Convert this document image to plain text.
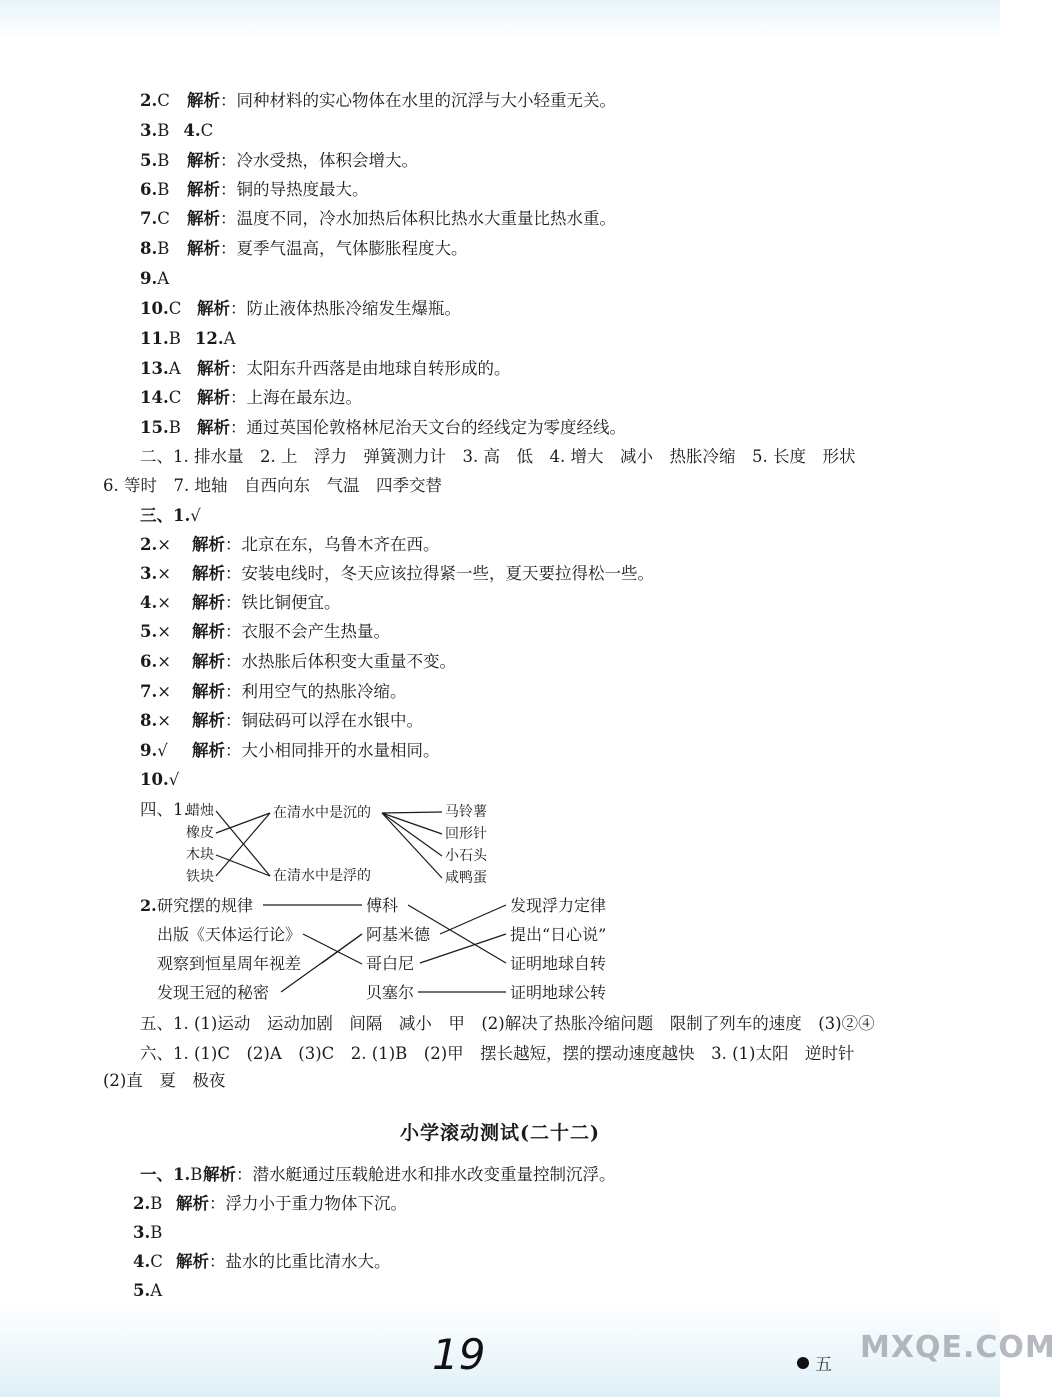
2.C 解析：同种材料的实心物体在水里的沉浮与大小轻重无关。
3.B 4.C
5.B 解析：冷水受热，体积会增大。
6.B 解析：铜的导热度最大。
7.C 解析：温度不同，冷水加热后体积比热水大重量比热水重。
8.B 解析：夏季气温高，气体膨胀程度大。
9.A
10.C 解析：防止液体热胀冷缩发生爆瓶。
11.B 12.A
13.A 解析：太阳东升西落是由地球自转形成的。
14.C 解析：上海在最东边。
15.B 解析：通过英国伦敦格林尼治天文台的经线定为零度经线。
三、1.√
2.× 解析：北京在东，乌鲁木齐在西。
3.× 解析：安装电线时，冬天应该拉得紧一些，夏天要拉得松一些。
4.× 解析：铁比铜便宜。
5.× 解析：衣服不会产生热量。
6.× 解析：水热胀后体积变大重量不变。
7.× 解析：利用空气的热胀冷缩。
8.× 解析：铜砝码可以浮在水银中。
9.√ 解析：大小相同排开的水量相同。
10.√
二、1. 排水量　2. 上　浮力　弹簧测力计　3. 高　低　4. 增大　减小　热胀冷缩　5. 长度　形状
6. 等时　7. 地轴　自西向东　气温　四季交替
四、1.
蜡烛
橡皮
木块
铁块
在清水中是沉的
在清水中是浮的
马铃薯
回形针
小石头
咸鸭蛋
2. 研究摆的规律
出版《天体运行论》
观察到恒星周年视差
发现王冠的秘密
傅科
阿基米德
哥白尼
贝塞尔
发现浮力定律
提出“日心说”
证明地球自转
证明地球公转
五、1. (1)运动　运动加剧　间隔　减小　甲　(2)解决了热胀冷缩问题　限制了列车的速度　(3)②④
六、1. (1)C　(2)A　(3)C　2. (1)B　(2)甲　摆长越短，摆的摆动速度越快　3. (1)太阳　逆时针
(2)直　夏　极夜
小学滚动测试(二十二)
一、1.B 解析：潜水艇通过压载舱进水和排水改变重量控制沉浮。
2.B 解析：浮力小于重力物体下沉。
3.B
4.C 解析：盐水的比重比清水大。
5.A
19	五 MXQE.COM
